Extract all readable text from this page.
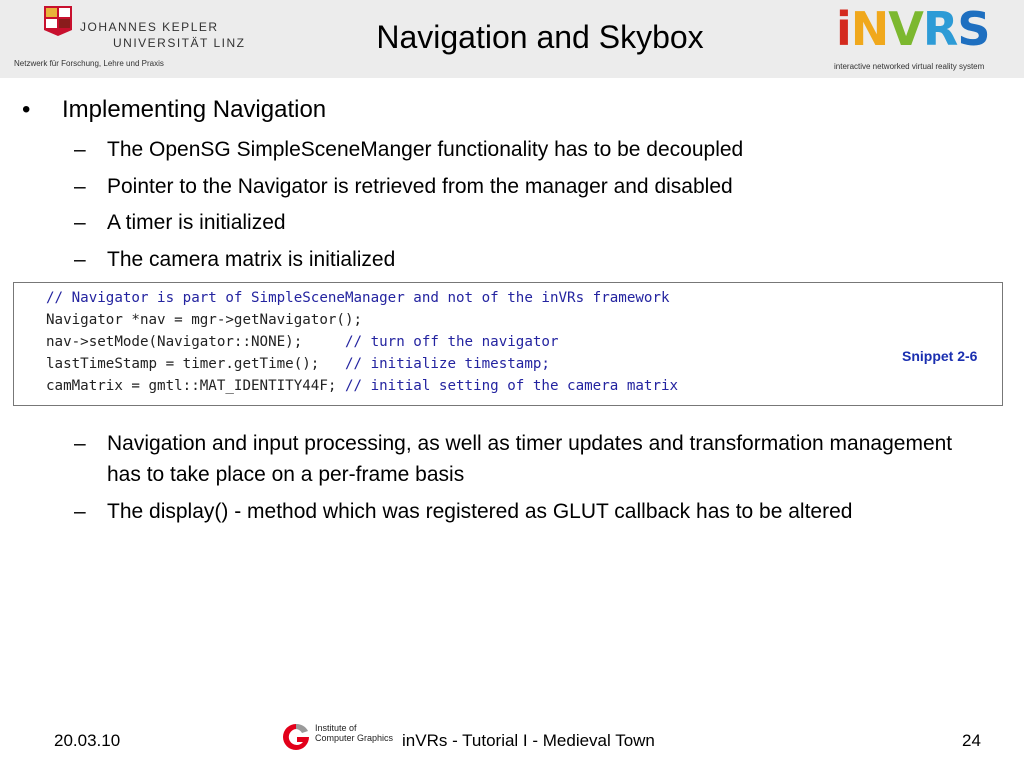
JOHANNES KEPLER
UNIVERSITÄT LINZ
Netzwerk für Forschung, Lehre und Praxis
Navigation and Skybox	iNVRS
interactive networked virtual reality system
• Implementing Navigation
– The OpenSG SimpleSceneManger functionality has to be decoupled
– Pointer to the Navigator is retrieved from the manager and disabled
– A timer is initialized
– The camera matrix is initialized
// Navigator is part of SimpleSceneManager and not of the inVRs framework
Navigator *nav = mgr->getNavigator();
nav->setMode(Navigator::NONE);     // turn off the navigator
lastTimeStamp = timer.getTime();   // initialize timestamp;
camMatrix = gmtl::MAT_IDENTITY44F; // initial setting of the camera matrix
Snippet 2-6
– Navigation and input processing, as well as timer updates and transformation management has to take place on a per-frame basis
– The display() - method which was registered as GLUT callback has to be altered
20.03.10
Institute of
Computer Graphics inVRs - Tutorial I - Medieval Town	24
